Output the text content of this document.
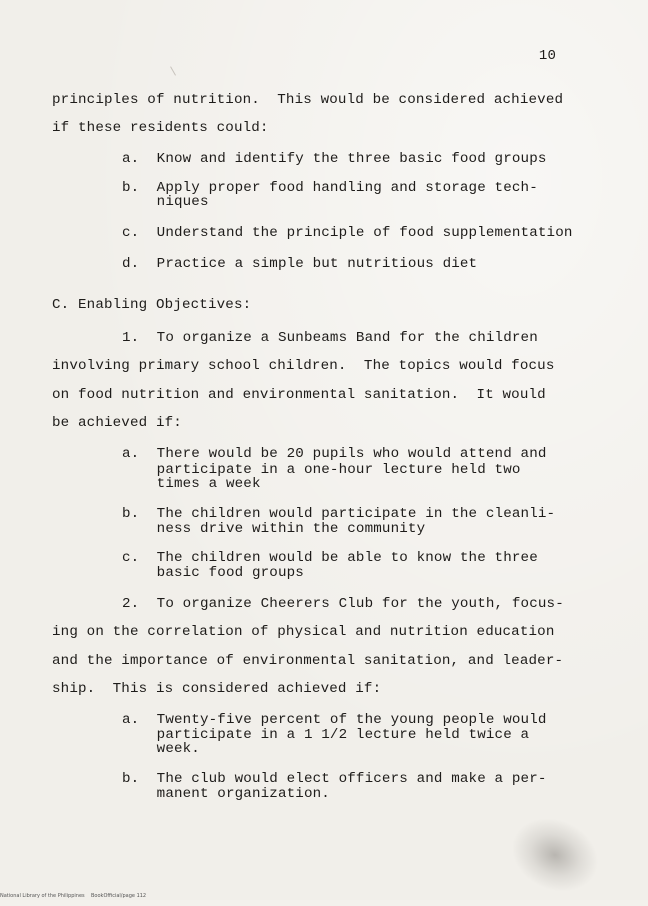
10
principles of nutrition.  This would be considered achieved
if these residents could:
a.  Know and identify the three basic food groups
b.  Apply proper food handling and storage tech-
niques
c.  Understand the principle of food supplementation
d.  Practice a simple but nutritious diet
C. Enabling Objectives:
1.  To organize a Sunbeams Band for the children
involving primary school children.  The topics would focus
on food nutrition and environmental sanitation.  It would
be achieved if:
a.  There would be 20 pupils who would attend and
participate in a one-hour lecture held two
times a week
b.  The children would participate in the cleanli-
ness drive within the community
c.  The children would be able to know the three
basic food groups
2.  To organize Cheerers Club for the youth, focus-
ing on the correlation of physical and nutrition education
and the importance of environmental sanitation, and leader-
ship.  This is considered achieved if:
a.  Twenty-five percent of the young people would
participate in a 1 1/2 lecture held twice a
week.
b.  The club would elect officers and make a per-
manent organization.
National Library of the Philippines    BookOfficial/page 112
